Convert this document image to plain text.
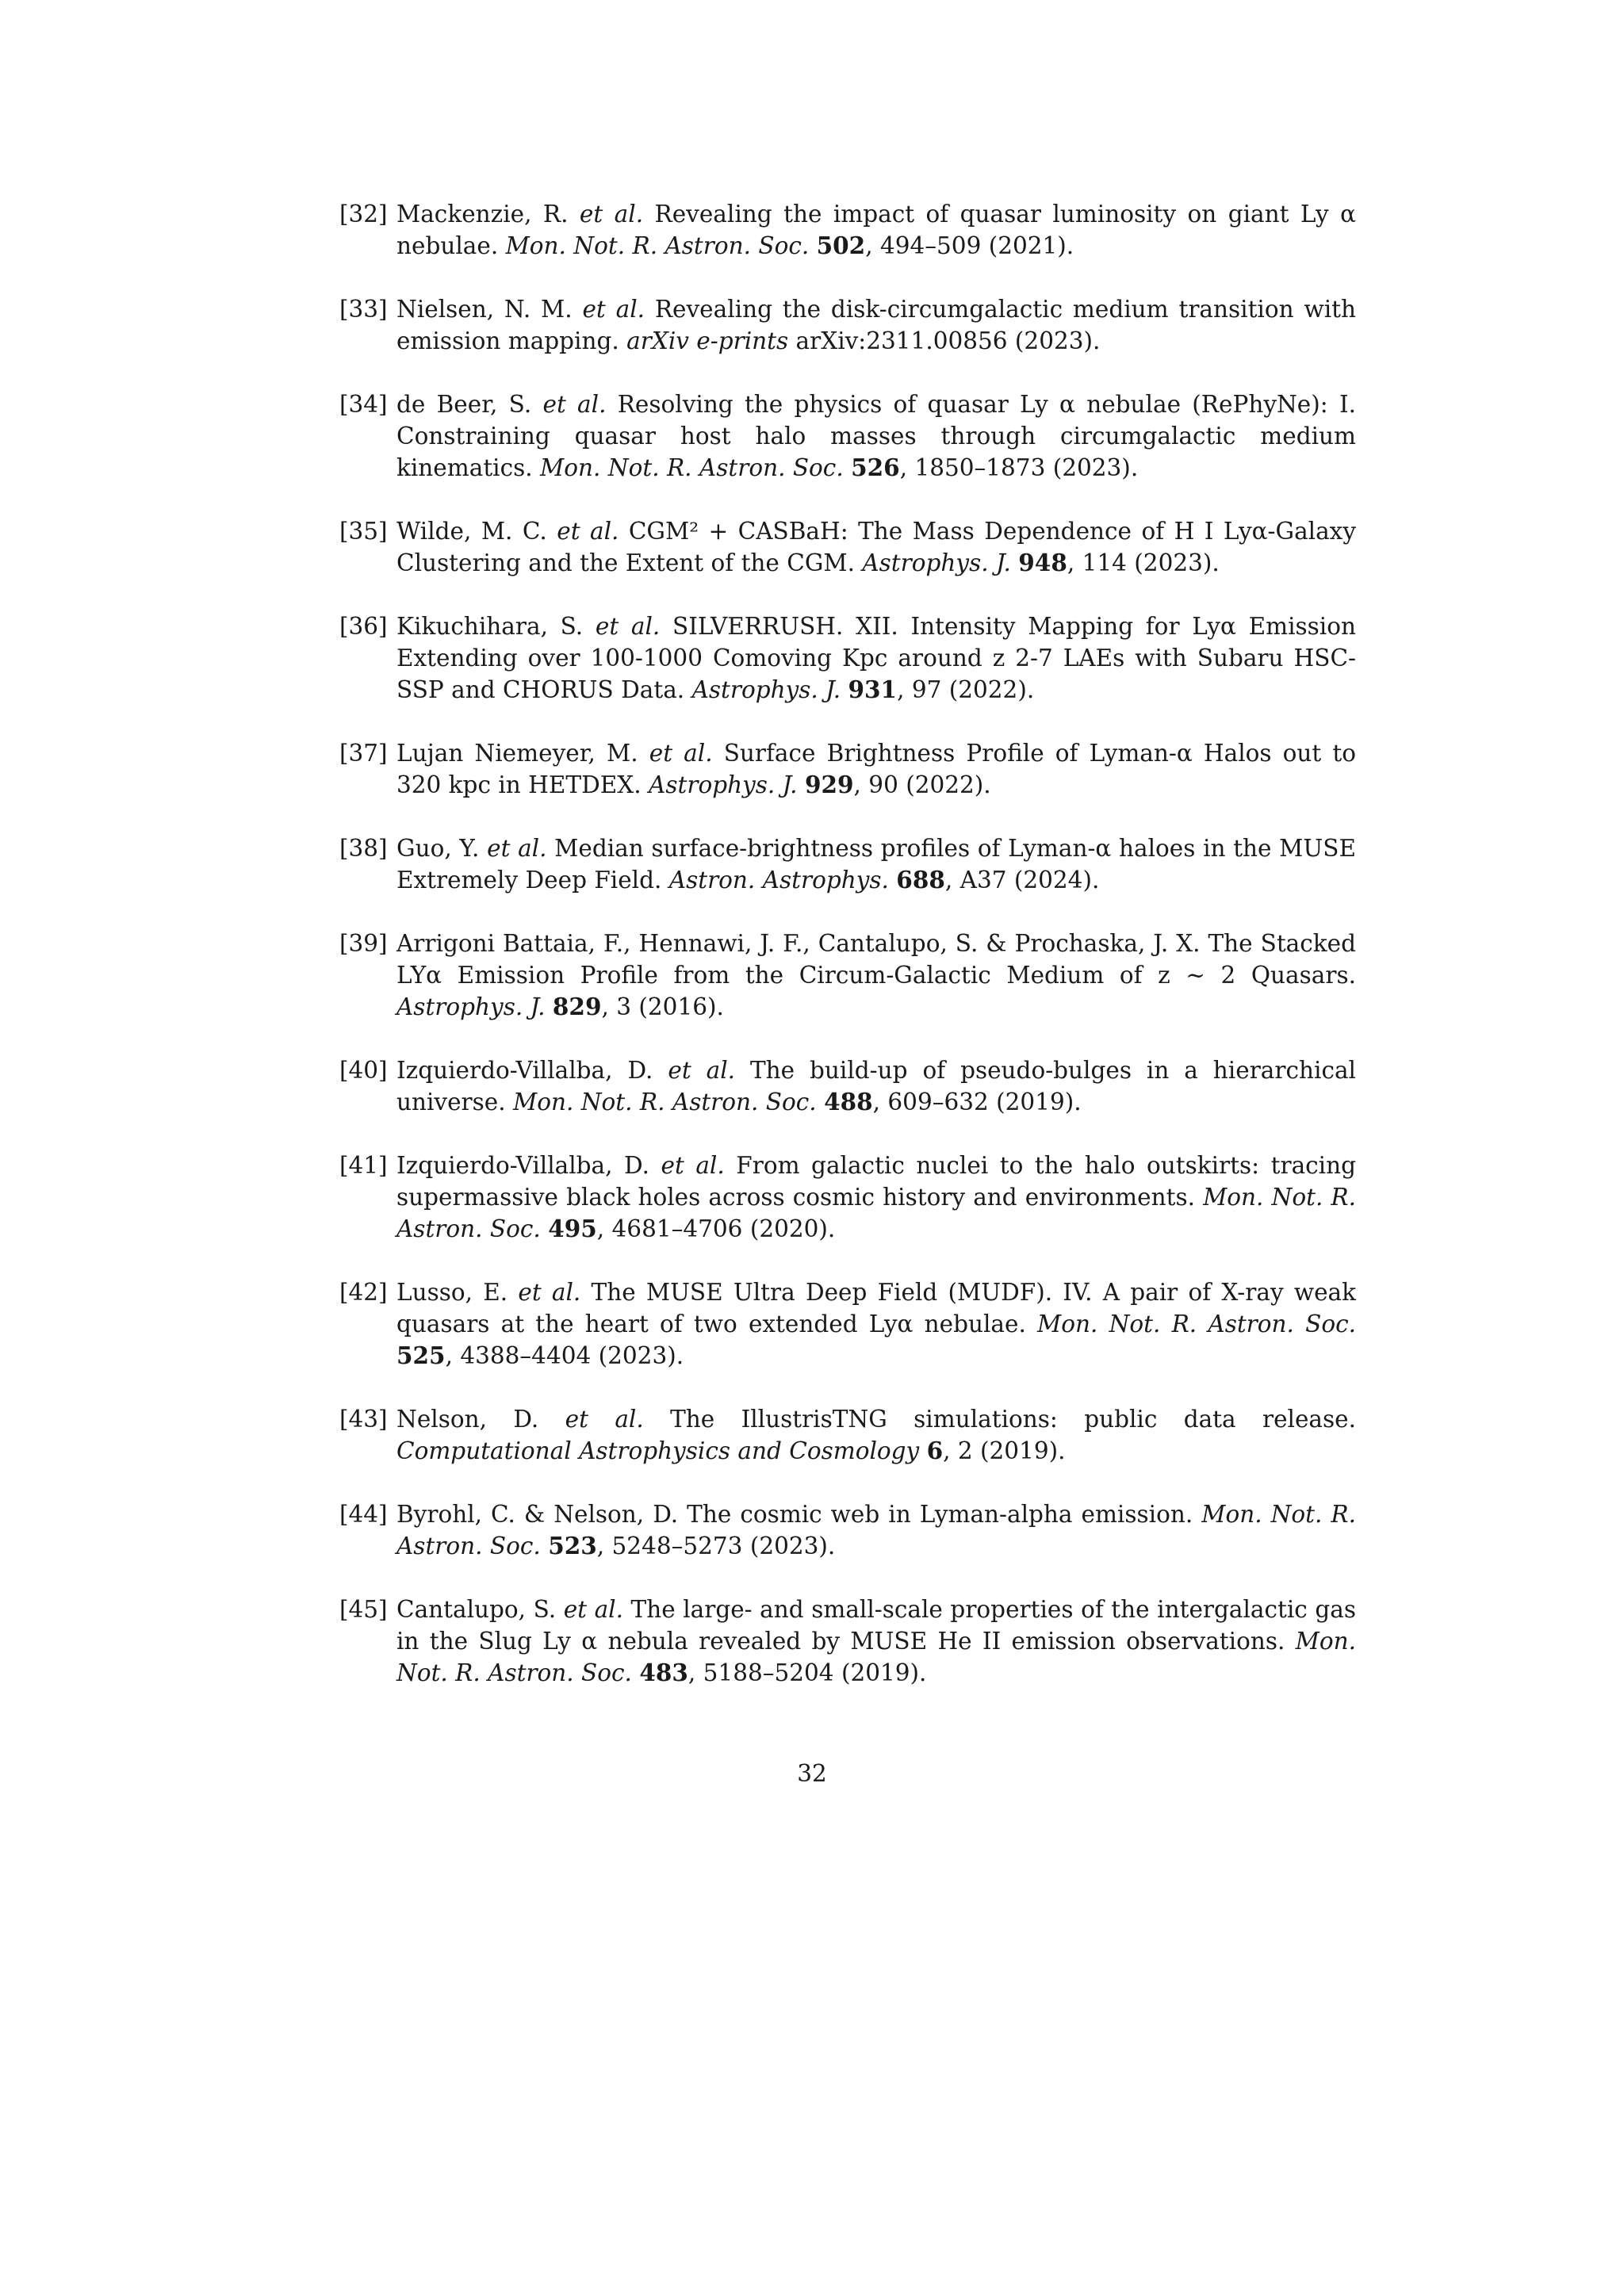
[32] Mackenzie, R. et al. Revealing the impact of quasar luminosity on giant Ly α nebulae. Mon. Not. R. Astron. Soc. 502, 494–509 (2021).
[33] Nielsen, N. M. et al. Revealing the disk-circumgalactic medium transition with emission mapping. arXiv e-prints arXiv:2311.00856 (2023).
[34] de Beer, S. et al. Resolving the physics of quasar Ly α nebulae (RePhyNe): I. Constraining quasar host halo masses through circumgalactic medium kinematics. Mon. Not. R. Astron. Soc. 526, 1850–1873 (2023).
[35] Wilde, M. C. et al. CGM² + CASBaH: The Mass Dependence of H I Lyα-Galaxy Clustering and the Extent of the CGM. Astrophys. J. 948, 114 (2023).
[36] Kikuchihara, S. et al. SILVERRUSH. XII. Intensity Mapping for Lyα Emission Extending over 100-1000 Comoving Kpc around z 2-7 LAEs with Subaru HSC-SSP and CHORUS Data. Astrophys. J. 931, 97 (2022).
[37] Lujan Niemeyer, M. et al. Surface Brightness Profile of Lyman-α Halos out to 320 kpc in HETDEX. Astrophys. J. 929, 90 (2022).
[38] Guo, Y. et al. Median surface-brightness profiles of Lyman-α haloes in the MUSE Extremely Deep Field. Astron. Astrophys. 688, A37 (2024).
[39] Arrigoni Battaia, F., Hennawi, J. F., Cantalupo, S. & Prochaska, J. X. The Stacked LYα Emission Profile from the Circum-Galactic Medium of z ∼ 2 Quasars. Astrophys. J. 829, 3 (2016).
[40] Izquierdo-Villalba, D. et al. The build-up of pseudo-bulges in a hierarchical universe. Mon. Not. R. Astron. Soc. 488, 609–632 (2019).
[41] Izquierdo-Villalba, D. et al. From galactic nuclei to the halo outskirts: tracing supermassive black holes across cosmic history and environments. Mon. Not. R. Astron. Soc. 495, 4681–4706 (2020).
[42] Lusso, E. et al. The MUSE Ultra Deep Field (MUDF). IV. A pair of X-ray weak quasars at the heart of two extended Lyα nebulae. Mon. Not. R. Astron. Soc. 525, 4388–4404 (2023).
[43] Nelson, D. et al. The IllustrisTNG simulations: public data release. Computational Astrophysics and Cosmology 6, 2 (2019).
[44] Byrohl, C. & Nelson, D. The cosmic web in Lyman-alpha emission. Mon. Not. R. Astron. Soc. 523, 5248–5273 (2023).
[45] Cantalupo, S. et al. The large- and small-scale properties of the intergalactic gas in the Slug Ly α nebula revealed by MUSE He II emission observations. Mon. Not. R. Astron. Soc. 483, 5188–5204 (2019).
32
